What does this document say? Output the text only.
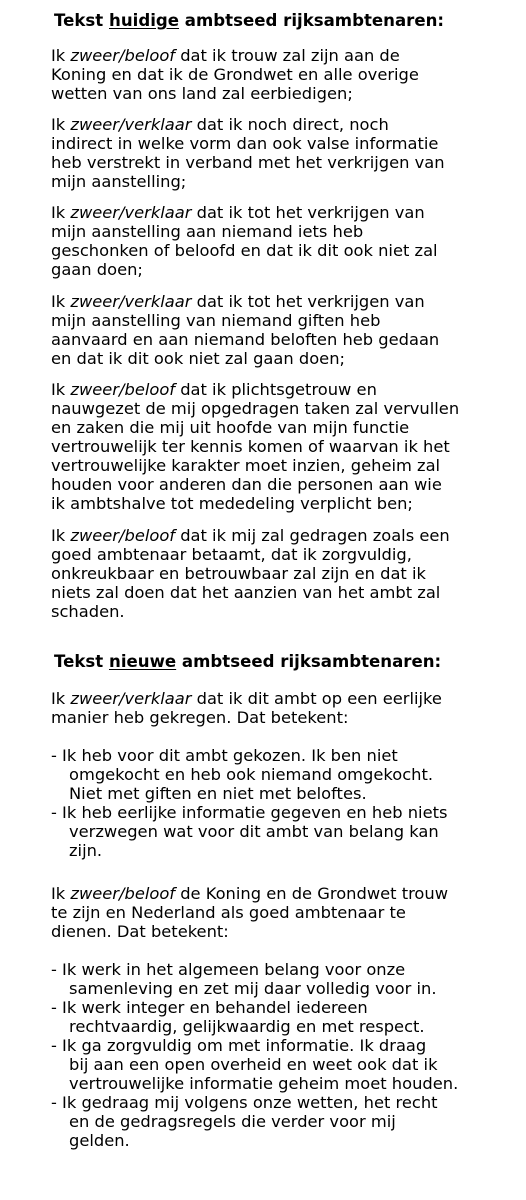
Tekst huidige ambtseed rijksambtenaren:
Ik zweer/beloof dat ik trouw zal zijn aan de
Koning en dat ik de Grondwet en alle overige
wetten van ons land zal eerbiedigen;
Ik zweer/verklaar dat ik noch direct, noch
indirect in welke vorm dan ook valse informatie
heb verstrekt in verband met het verkrijgen van
mijn aanstelling;
Ik zweer/verklaar dat ik tot het verkrijgen van
mijn aanstelling aan niemand iets heb
geschonken of beloofd en dat ik dit ook niet zal
gaan doen;
Ik zweer/verklaar dat ik tot het verkrijgen van
mijn aanstelling van niemand giften heb
aanvaard en aan niemand beloften heb gedaan
en dat ik dit ook niet zal gaan doen;
Ik zweer/beloof dat ik plichtsgetrouw en
nauwgezet de mij opgedragen taken zal vervullen
en zaken die mij uit hoofde van mijn functie
vertrouwelijk ter kennis komen of waarvan ik het
vertrouwelijke karakter moet inzien, geheim zal
houden voor anderen dan die personen aan wie
ik ambtshalve tot mededeling verplicht ben;
Ik zweer/beloof dat ik mij zal gedragen zoals een
goed ambtenaar betaamt, dat ik zorgvuldig,
onkreukbaar en betrouwbaar zal zijn en dat ik
niets zal doen dat het aanzien van het ambt zal
schaden.
Tekst nieuwe ambtseed rijksambtenaren:
Ik zweer/verklaar dat ik dit ambt op een eerlijke
manier heb gekregen. Dat betekent:
- Ik heb voor dit ambt gekozen. Ik ben niet
omgekocht en heb ook niemand omgekocht.
Niet met giften en niet met beloftes.
- Ik heb eerlijke informatie gegeven en heb niets
verzwegen wat voor dit ambt van belang kan
zijn.
Ik zweer/beloof de Koning en de Grondwet trouw
te zijn en Nederland als goed ambtenaar te
dienen. Dat betekent:
- Ik werk in het algemeen belang voor onze
samenleving en zet mij daar volledig voor in.
- Ik werk integer en behandel iedereen
rechtvaardig, gelijkwaardig en met respect.
- Ik ga zorgvuldig om met informatie. Ik draag
bij aan een open overheid en weet ook dat ik
vertrouwelijke informatie geheim moet houden.
- Ik gedraag mij volgens onze wetten, het recht
en de gedragsregels die verder voor mij
gelden.
